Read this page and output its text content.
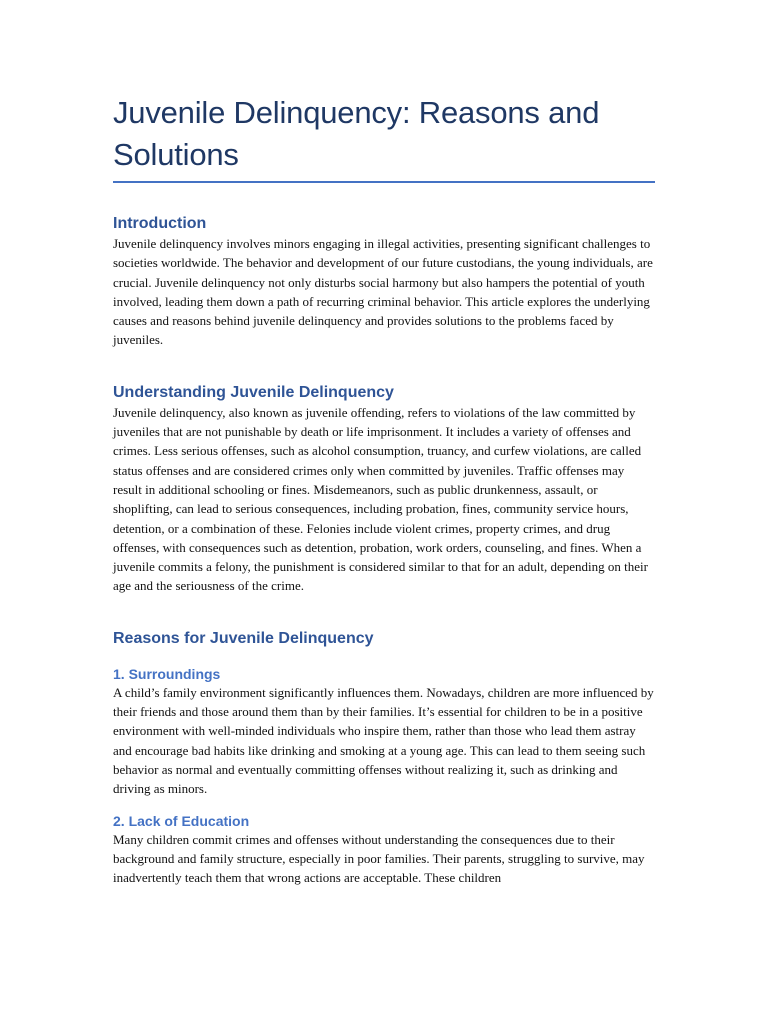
Juvenile Delinquency: Reasons and Solutions
Introduction

Juvenile delinquency involves minors engaging in illegal activities, presenting significant challenges to societies worldwide. The behavior and development of our future custodians, the young individuals, are crucial. Juvenile delinquency not only disturbs social harmony but also hampers the potential of youth involved, leading them down a path of recurring criminal behavior. This article explores the underlying causes and reasons behind juvenile delinquency and provides solutions to the problems faced by juveniles.

Understanding Juvenile Delinquency

Juvenile delinquency, also known as juvenile offending, refers to violations of the law committed by juveniles that are not punishable by death or life imprisonment. It includes a variety of offenses and crimes. Less serious offenses, such as alcohol consumption, truancy, and curfew violations, are called status offenses and are considered crimes only when committed by juveniles. Traffic offenses may result in additional schooling or fines. Misdemeanors, such as public drunkenness, assault, or shoplifting, can lead to serious consequences, including probation, fines, community service hours, detention, or a combination of these. Felonies include violent crimes, property crimes, and drug offenses, with consequences such as detention, probation, work orders, counseling, and fines. When a juvenile commits a felony, the punishment is considered similar to that for an adult, depending on their age and the seriousness of the crime.

Reasons for Juvenile Delinquency
1. Surroundings

A child’s family environment significantly influences them. Nowadays, children are more influenced by their friends and those around them than by their families. It’s essential for children to be in a positive environment with well-minded individuals who inspire them, rather than those who lead them astray and encourage bad habits like drinking and smoking at a young age. This can lead to them seeing such behavior as normal and eventually committing offenses without realizing it, such as drinking and driving as minors.

2. Lack of Education

Many children commit crimes and offenses without understanding the consequences due to their background and family structure, especially in poor families. Their parents, struggling to survive, may inadvertently teach them that wrong actions are acceptable. These children
